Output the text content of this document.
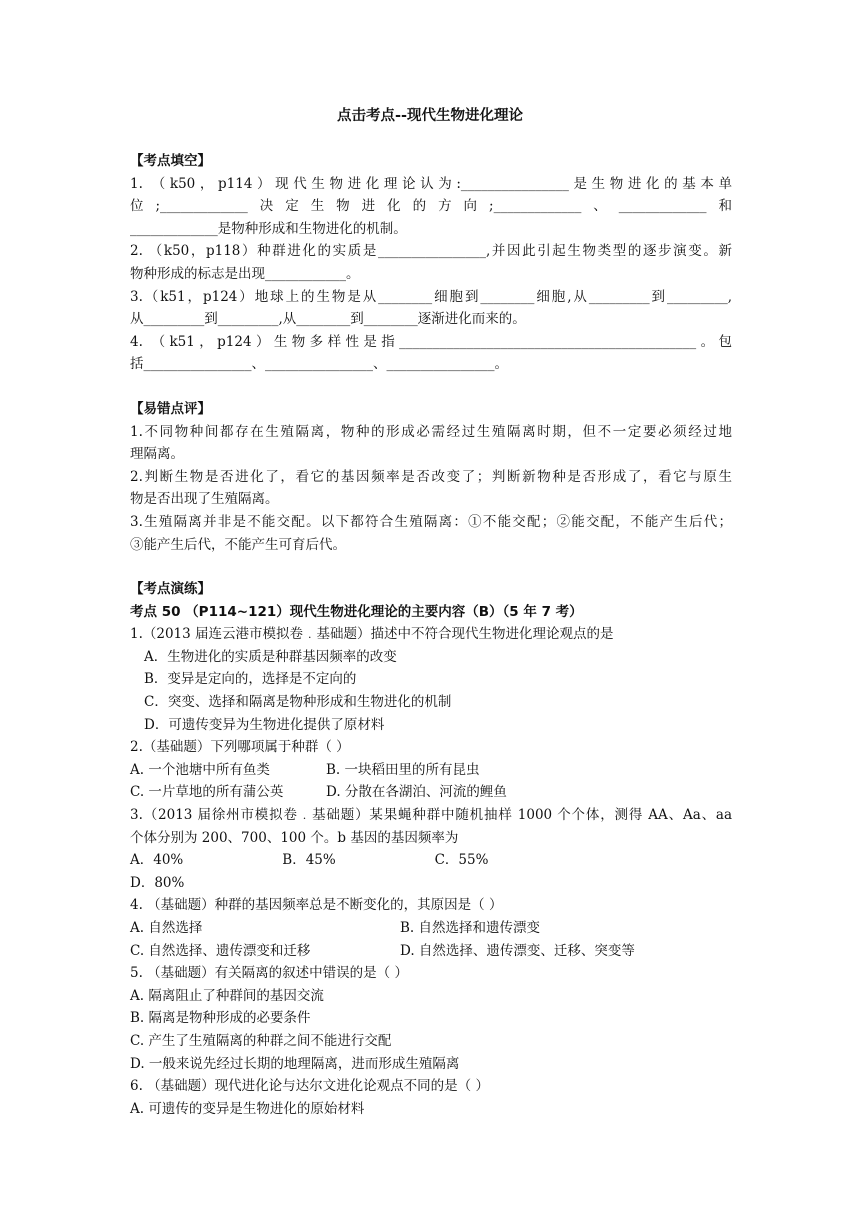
点击考点--现代生物进化理论
【考点填空】
1. （k50，p114）现代生物进化理论认为:________________是生物进化的基本单
位;_____________决定生物进化的方向;_____________、_____________和
_____________是物种形成和生物进化的机制。
2. （k50，p118）种群进化的实质是________________,并因此引起生物类型的逐步演变。新
物种形成的标志是出现____________。
3.（k51，p124）地球上的生物是从________细胞到________细胞,从_________到_________,
从_________到_________,从________到________逐渐进化而来的。
4. （k51，p124）生物多样性是指____________________________________________。包
括________________、________________、________________。
【易错点评】
1.不同物种间都存在生殖隔离，物种的形成必需经过生殖隔离时期，但不一定要必须经过地
理隔离。
2.判断生物是否进化了，看它的基因频率是否改变了；判断新物种是否形成了，看它与原生
物是否出现了生殖隔离。
3.生殖隔离并非是不能交配。以下都符合生殖隔离：①不能交配；②能交配，不能产生后代；
③能产生后代，不能产生可育后代。
【考点演练】
考点 50 （P114~121）现代生物进化理论的主要内容（B）（5 年 7 考）
1.（2013 届连云港市模拟卷﹒基础题）描述中不符合现代生物进化理论观点的是
A．生物进化的实质是种群基因频率的改变
B．变异是定向的，选择是不定向的
C．突变、选择和隔离是物种形成和生物进化的机制
D．可遗传变异为生物进化提供了原材料
2.（基础题）下列哪项属于种群（ ）
A. 一个池塘中所有鱼类	B. 一块稻田里的所有昆虫
C. 一片草地的所有蒲公英	D. 分散在各湖泊、河流的鲤鱼
3.（2013 届徐州市模拟卷﹒基础题）某果蝇种群中随机抽样 1000 个个体，测得 AA、Aa、aa
个体分别为 200、700、100 个。b 基因的基因频率为
A．40%	B．45%	C．55% D．80%
4. （基础题）种群的基因频率总是不断变化的，其原因是（ ）
A. 自然选择	B. 自然选择和遗传漂变
C. 自然选择、遗传漂变和迁移	D. 自然选择、遗传漂变、迁移、突变等
5. （基础题）有关隔离的叙述中错误的是（ ）
A. 隔离阻止了种群间的基因交流
B. 隔离是物种形成的必要条件
C. 产生了生殖隔离的种群之间不能进行交配
D. 一般来说先经过长期的地理隔离，进而形成生殖隔离
6. （基础题）现代进化论与达尔文进化论观点不同的是（ ）
A. 可遗传的变异是生物进化的原始材料
